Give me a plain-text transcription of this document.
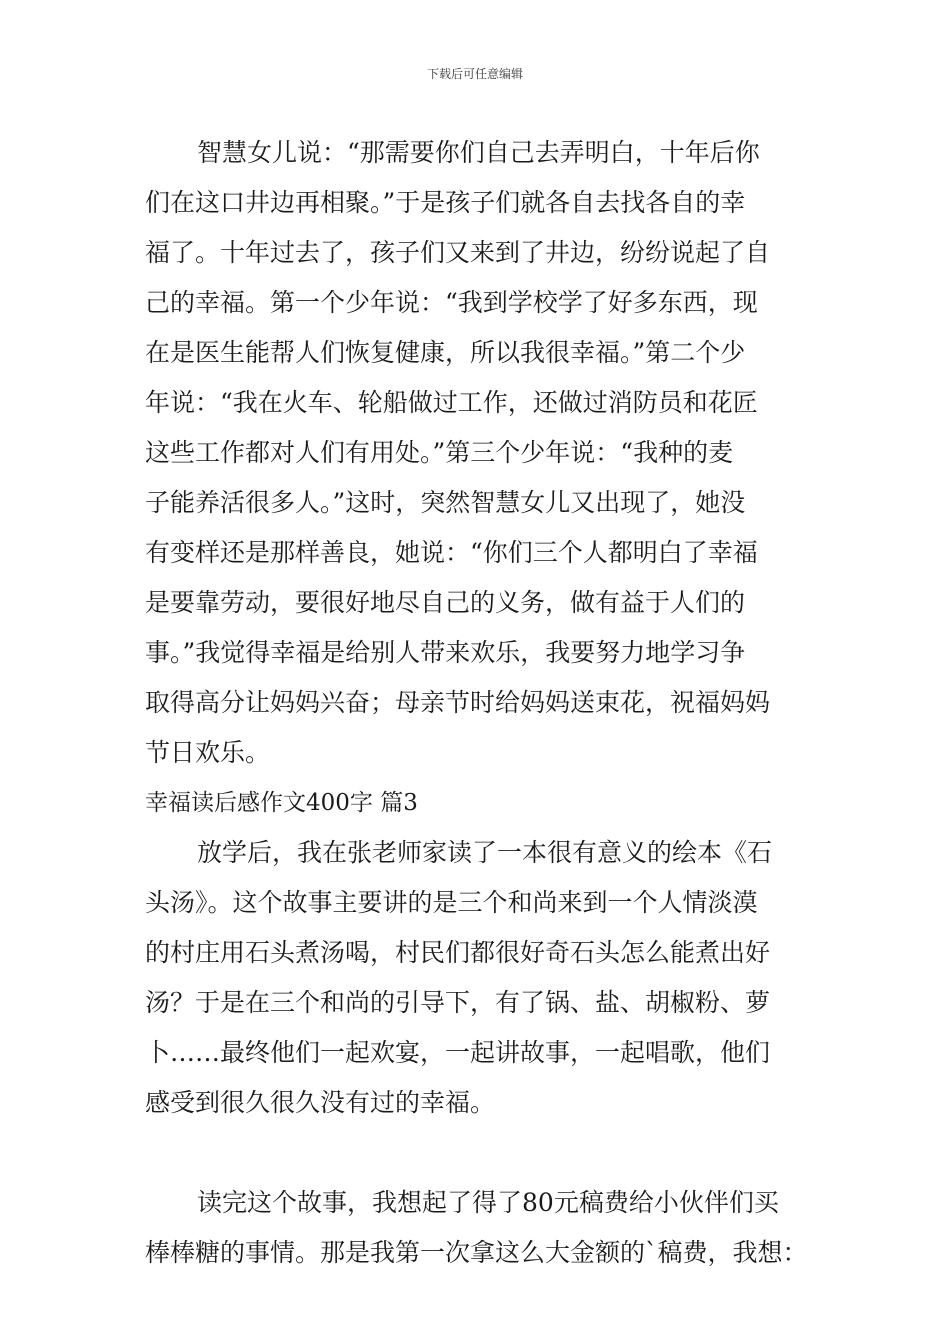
下载后可任意编辑
智慧女儿说：“那需要你们自己去弄明白，十年后你
们在这口井边再相聚。”于是孩子们就各自去找各自的幸
福了。十年过去了，孩子们又来到了井边，纷纷说起了自
己的幸福。第一个少年说：“我到学校学了好多东西，现
在是医生能帮人们恢复健康，所以我很幸福。”第二个少
年说：“我在火车、轮船做过工作，还做过消防员和花匠
这些工作都对人们有用处。”第三个少年说：“我种的麦
子能养活很多人。”这时，突然智慧女儿又出现了，她没
有变样还是那样善良，她说：“你们三个人都明白了幸福
是要靠劳动，要很好地尽自己的义务，做有益于人们的
事。”我觉得幸福是给别人带来欢乐，我要努力地学习争
取得高分让妈妈兴奋；母亲节时给妈妈送束花，祝福妈妈
节日欢乐。
幸福读后感作文400字 篇3
放学后，我在张老师家读了一本很有意义的绘本《石
头汤》。这个故事主要讲的是三个和尚来到一个人情淡漠
的村庄用石头煮汤喝，村民们都很好奇石头怎么能煮出好
汤？于是在三个和尚的引导下，有了锅、盐、胡椒粉、萝
卜……最终他们一起欢宴，一起讲故事，一起唱歌，他们
感受到很久很久没有过的幸福。
读完这个故事，我想起了得了80元稿费给小伙伴们买
棒棒糖的事情。那是我第一次拿这么大金额的`稿费，我想：
